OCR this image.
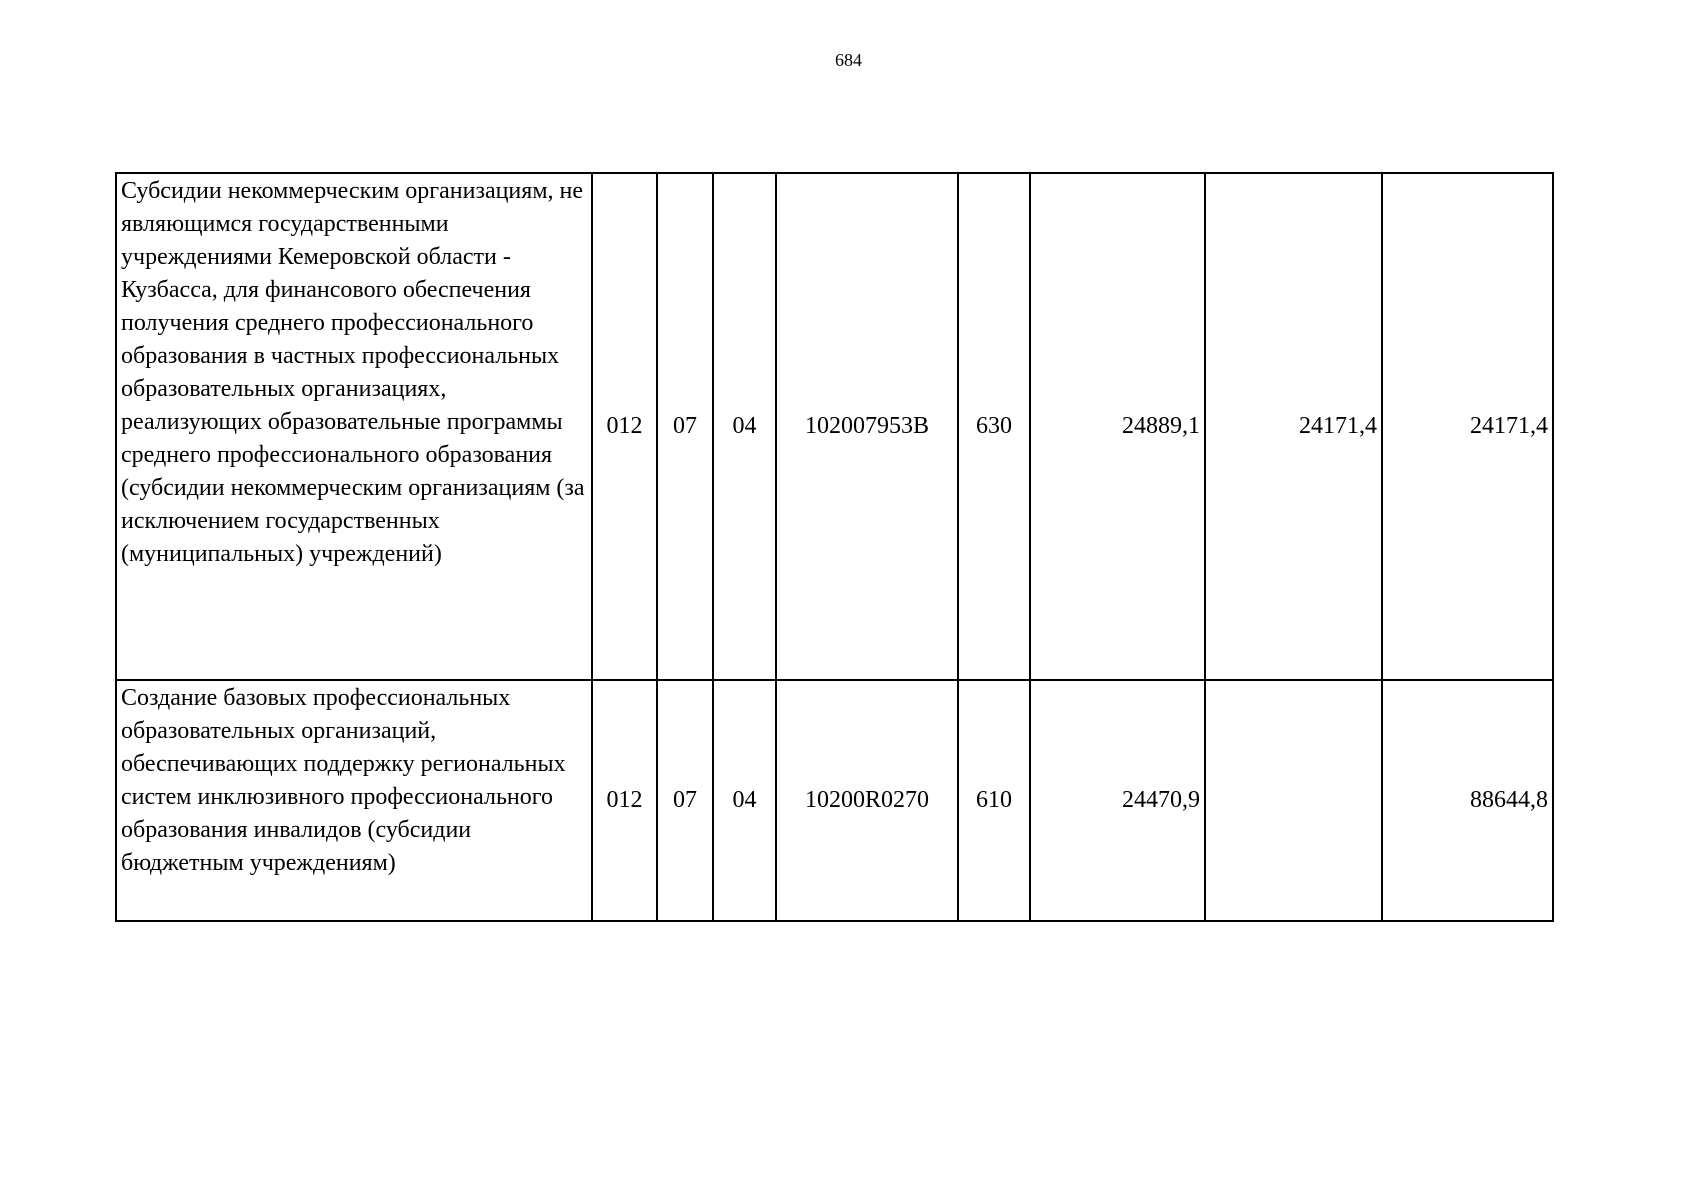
684
Субсидии некоммерческим организациям, не являющимся государственными учреждениями Кемеровской области - Кузбасса, для финансового обеспечения получения среднего профессионального образования в частных профессиональных образовательных организациях, реализующих образовательные программы среднего профессионального образования (субсидии некоммерческим организациям (за исключением государственных (муниципальных) учреждений)	012	07	04	102007953В	630	24889,1	24171,4	24171,4
Создание базовых профессиональных образовательных организаций, обеспечивающих поддержку региональных систем инклюзивного профессионального образования инвалидов (субсидии бюджетным учреждениям)	012	07	04	10200R0270	610	24470,9		88644,8
